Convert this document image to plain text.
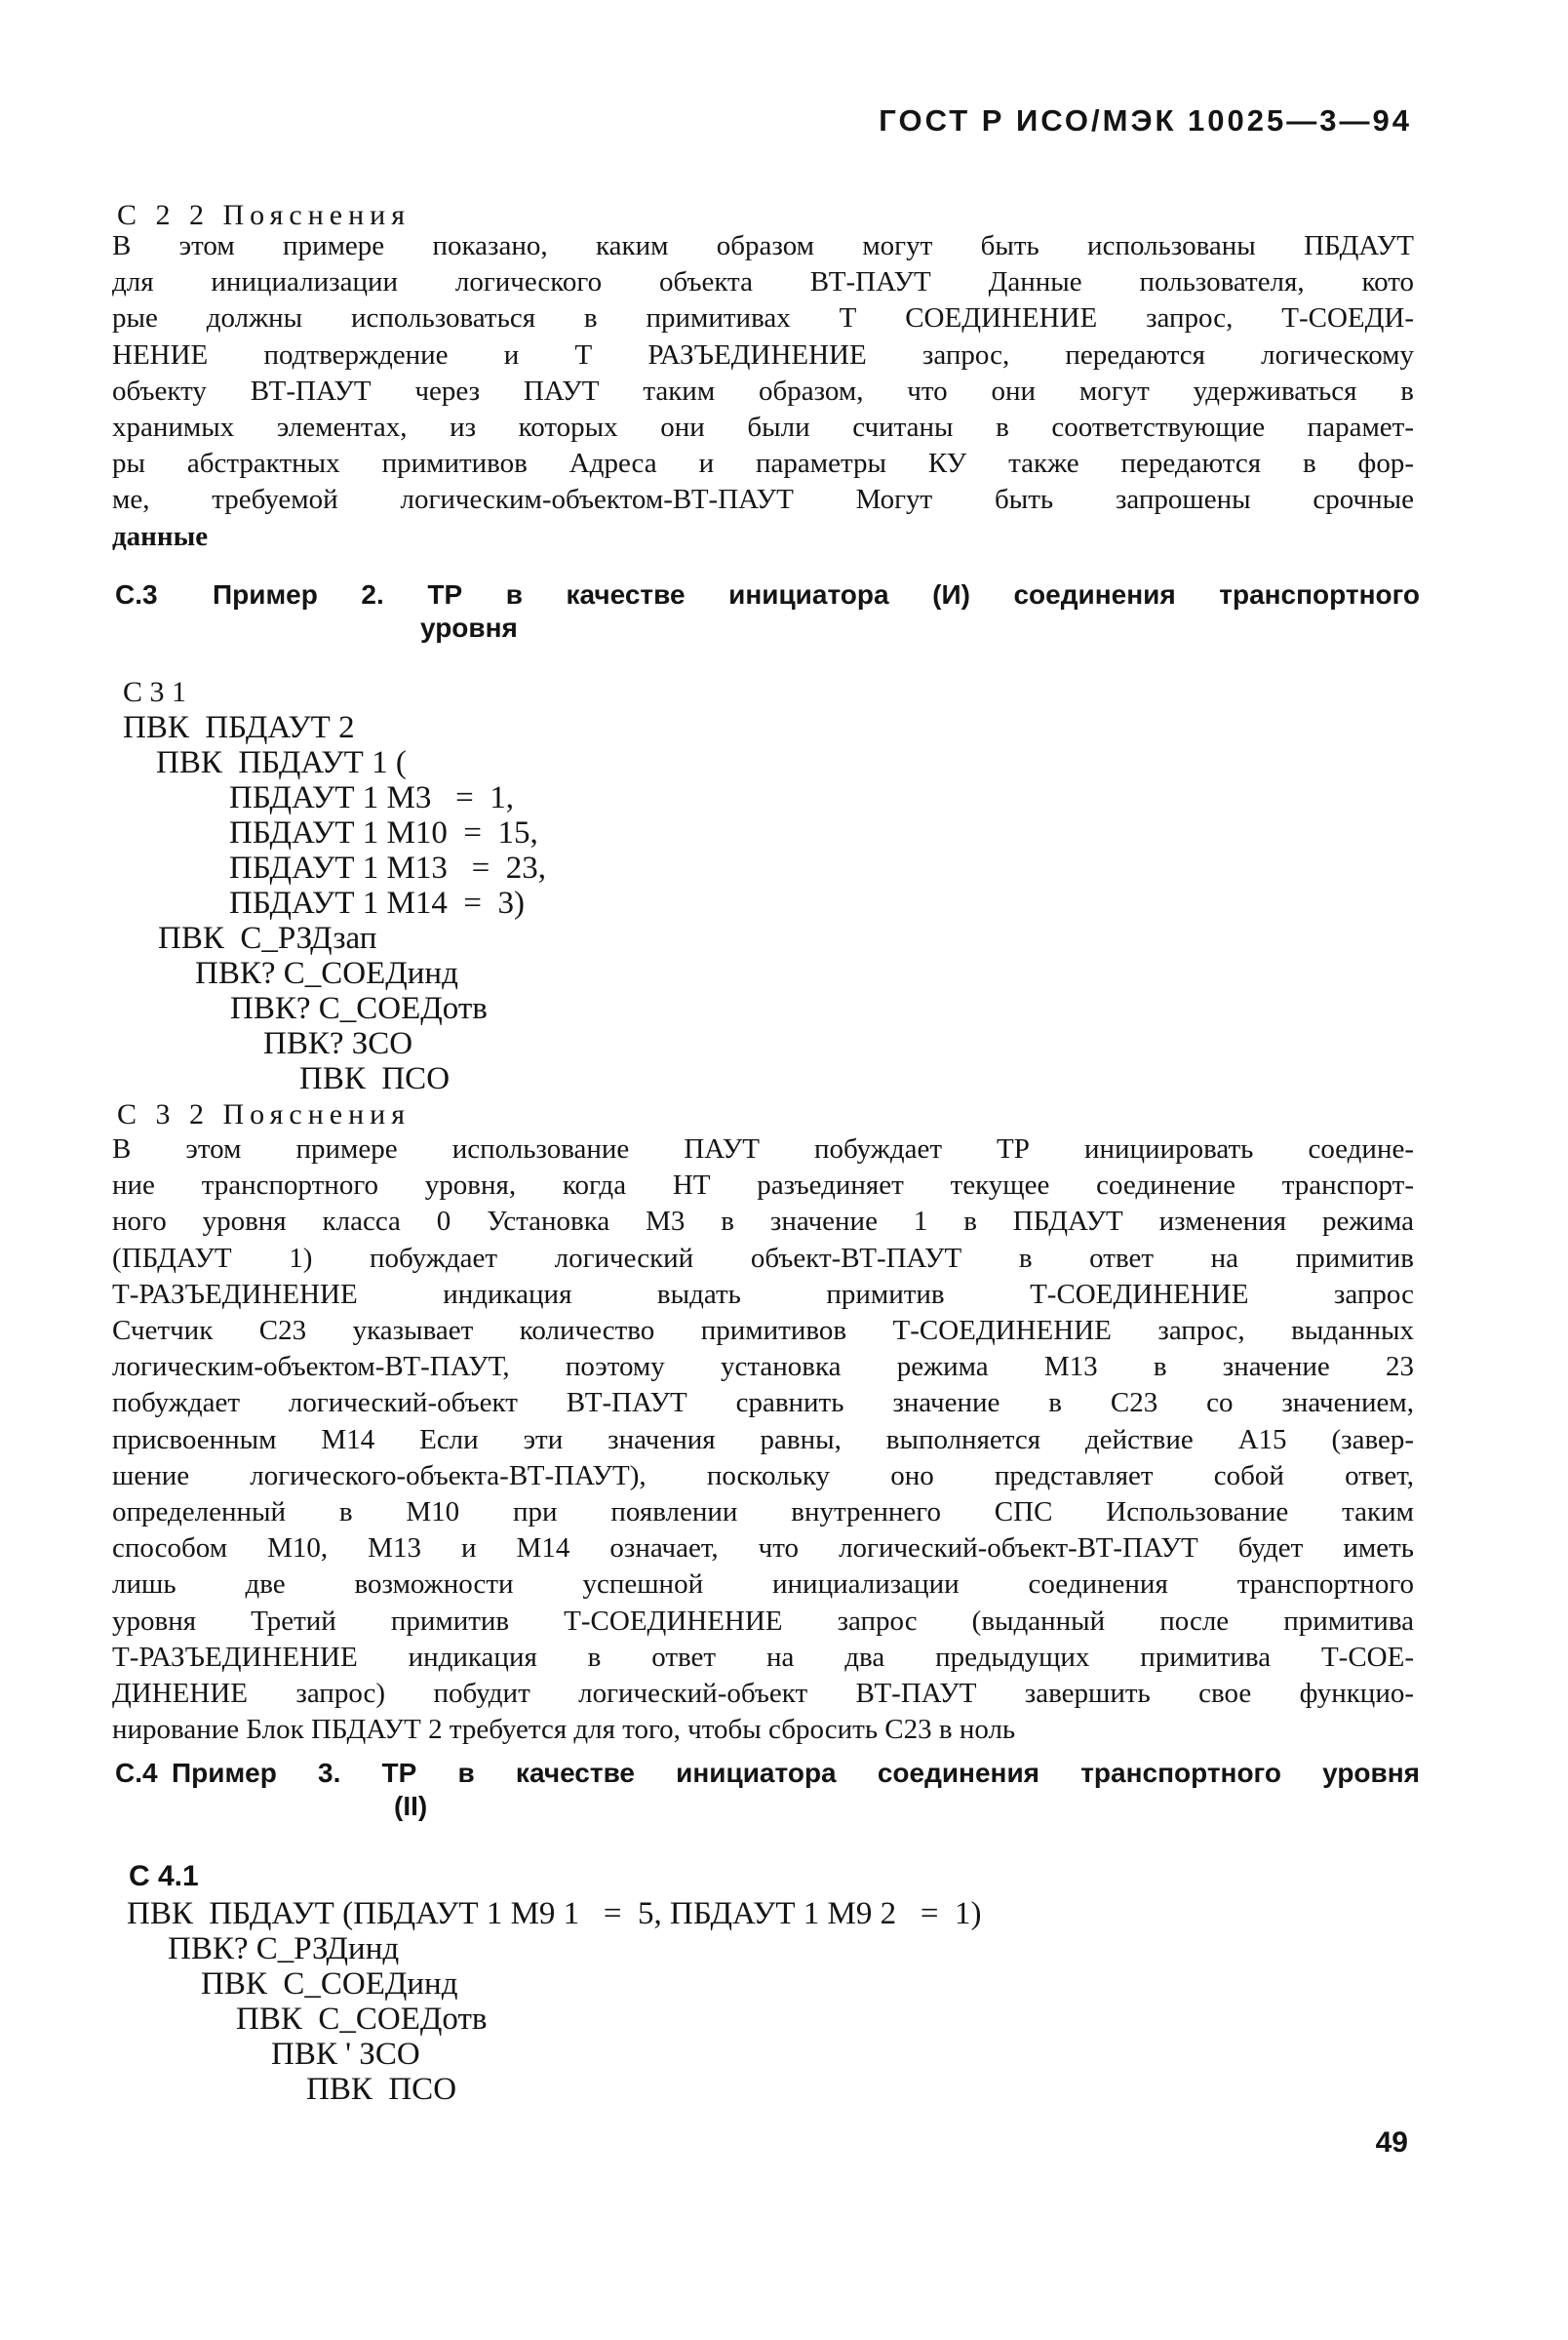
ГОСТ Р ИСО/МЭК 10025—3—94
С 2 2 Пояснения
В этом примере показано, каким образом могут быть использованы ПБДАУТ
для инициализации логического объекта ВТ-ПАУТ Данные пользователя, кото
рые должны использоваться в примитивах Т СОЕДИНЕНИЕ запрос, Т-СОЕДИ-
НЕНИЕ подтверждение и Т РАЗЪЕДИНЕНИЕ запрос, передаются логическому
объекту ВТ-ПАУТ через ПАУТ таким образом, что они могут удерживаться в
хранимых элементах, из которых они были считаны в соответствующие парамет-
ры абстрактных примитивов Адреса и параметры КУ также передаются в фор-
ме, требуемой логическим-объектом-ВТ-ПАУТ Могут быть запрошены срочные
данные
С.3 Пример 2. ТР в качестве инициатора (И) соединения транспортного
уровня
С 3 1
ПВК  ПБДАУТ 2
ПВК  ПБДАУТ 1 (
ПБДАУТ 1 М3   =  1,
ПБДАУТ 1 М10  =  15,
ПБДАУТ 1 М13   =  23,
ПБДАУТ 1 М14  =  3)
ПВК  С_РЗДзап
ПВК? С_СОЕДинд
ПВК? С_СОЕДотв
ПВК? ЗСО
ПВК  ПСО
С 3 2 Пояснения
В этом примере использование ПАУТ побуждает ТР инициировать соедине-
ние транспортного уровня, когда НТ разъединяет текущее соединение транспорт-
ного уровня класса 0 Установка М3 в значение 1 в ПБДАУТ изменения режима
(ПБДАУТ 1) побуждает логический объект-ВТ-ПАУТ в ответ на примитив
Т-РАЗЪЕДИНЕНИЕ индикация выдать примитив Т-СОЕДИНЕНИЕ запрос
Счетчик С23 указывает количество примитивов Т-СОЕДИНЕНИЕ запрос, выданных
логическим-объектом-ВТ-ПАУТ, поэтому установка режима М13 в значение 23
побуждает логический-объект ВТ-ПАУТ сравнить значение в С23 со значением,
присвоенным М14 Если эти значения равны, выполняется действие А15 (завер-
шение логического-объекта-ВТ-ПАУТ), поскольку оно представляет собой ответ,
определенный в М10 при появлении внутреннего СПС Использование таким
способом М10, М13 и М14 означает, что логический-объект-ВТ-ПАУТ будет иметь
лишь две возможности успешной инициализации соединения транспортного
уровня Третий примитив Т-СОЕДИНЕНИЕ запрос (выданный после примитива
Т-РАЗЪЕДИНЕНИЕ индикация в ответ на два предыдущих примитива Т-СОЕ-
ДИНЕНИЕ запрос) побудит логический-объект ВТ-ПАУТ завершить свое функцио-
нирование Блок ПБДАУТ 2 требуется для того, чтобы сбросить С23 в ноль
С.4 Пример 3. ТР в качестве инициатора соединения транспортного уровня
(II)
С 4.1
ПВК  ПБДАУТ (ПБДАУТ 1 М9 1   =  5, ПБДАУТ 1 М9 2   =  1)
ПВК? С_РЗДинд
ПВК  С_СОЕДинд
ПВК  С_СОЕДотв
ПВК ' ЗСО
ПВК  ПСО
49
